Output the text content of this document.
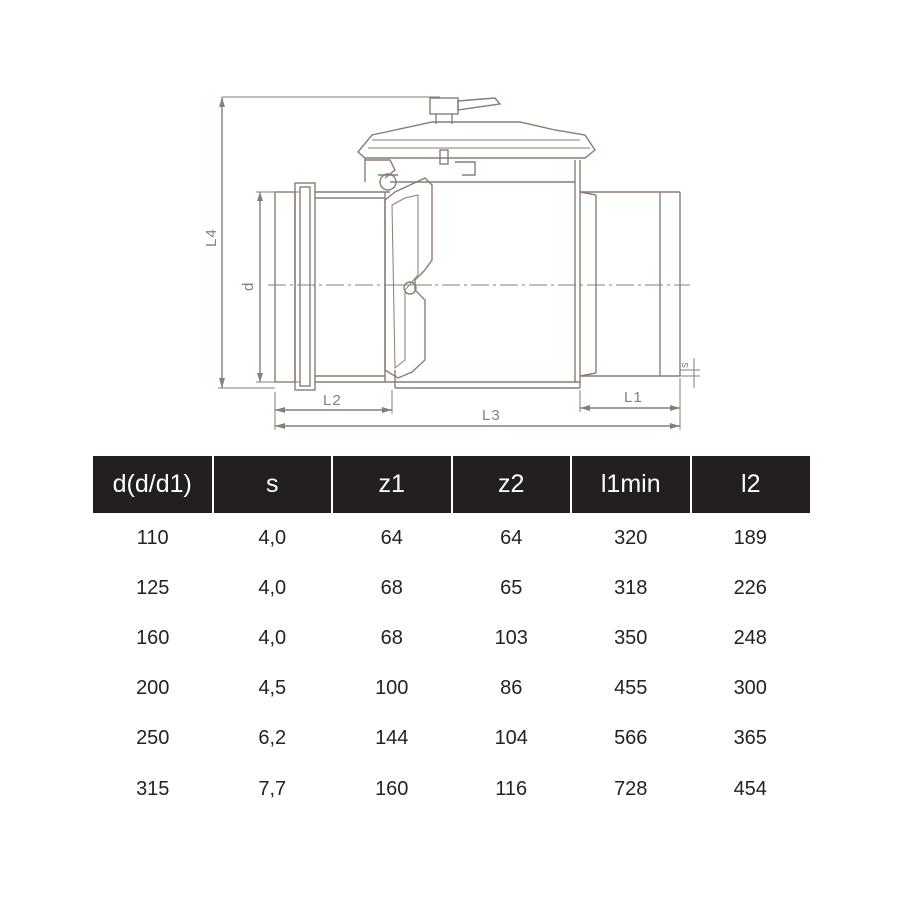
L4
d
s
L1
L2
L3
d(d/d1)	s	z1	z2	l1min	l2
110	4,0	64	64	320	189
125	4,0	68	65	318	226
160	4,0	68	103	350	248
200	4,5	100	86	455	300
250	6,2	144	104	566	365
315	7,7	160	116	728	454
